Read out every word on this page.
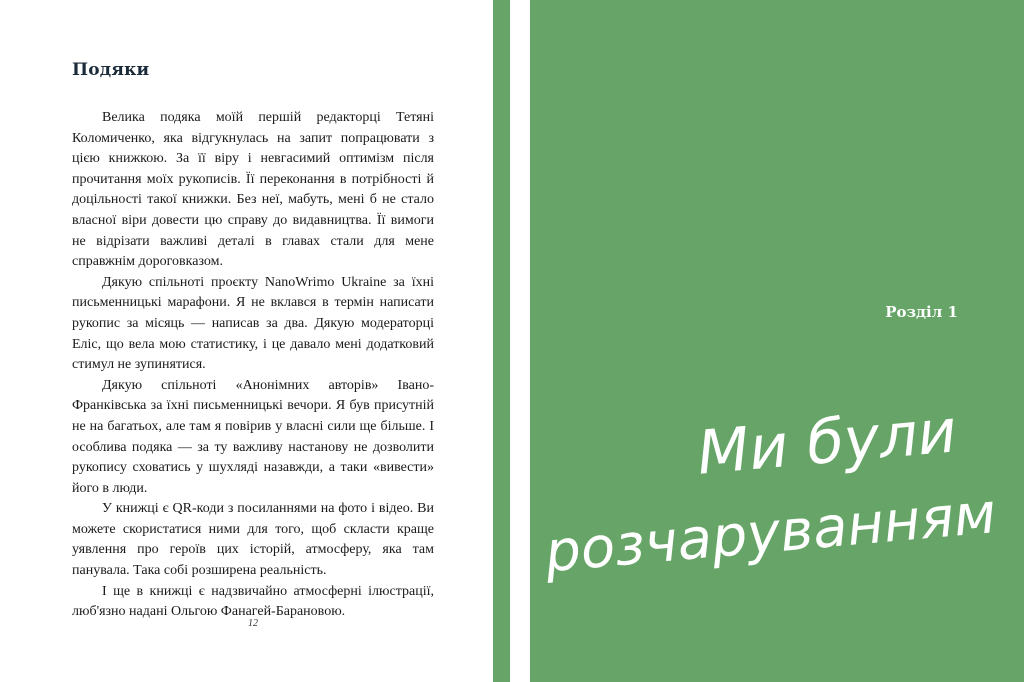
Подяки

Велика подяка моїй першій редакторці Тетяні Коломиченко, яка відгукнулась на запит попрацювати з цією книжкою. За її віру і невгасимий оптимізм після прочитання моїх рукописів. Її переконання в потрібності й доцільності такої книжки. Без неї, мабуть, мені б не стало власної віри довести цю справу до видавництва. Її вимоги не відрізати важливі деталі в главах стали для мене справжнім дороговказом.

Дякую спільноті проєкту NanoWrimo Ukraine за їхні письменницькі марафони. Я не вклався в термін написати рукопис за місяць — написав за два. Дякую модераторці Еліс, що вела мою статистику, і це давало мені додатковий стимул не зупинятися.

Дякую спільноті «Анонімних авторів» Івано-Франківська за їхні письменницькі вечори. Я був присутній не на багатьох, але там я повірив у власні сили ще більше. І особлива подяка — за ту важливу настанову не дозволити рукопису сховатись у шухляді назавжди, а таки «вивести» його в люди.

У книжці є QR-коди з посиланнями на фото і відео. Ви можете скористатися ними для того, щоб скласти краще уявлення про героїв цих історій, атмосферу, яка там панувала. Така собі розширена реальність.

І ще в книжці є надзвичайно атмосферні ілюстрації, люб'язно надані Ольгою Фанагей-Барановою.

12
Розділ 1
Ми були
розчаруванням
